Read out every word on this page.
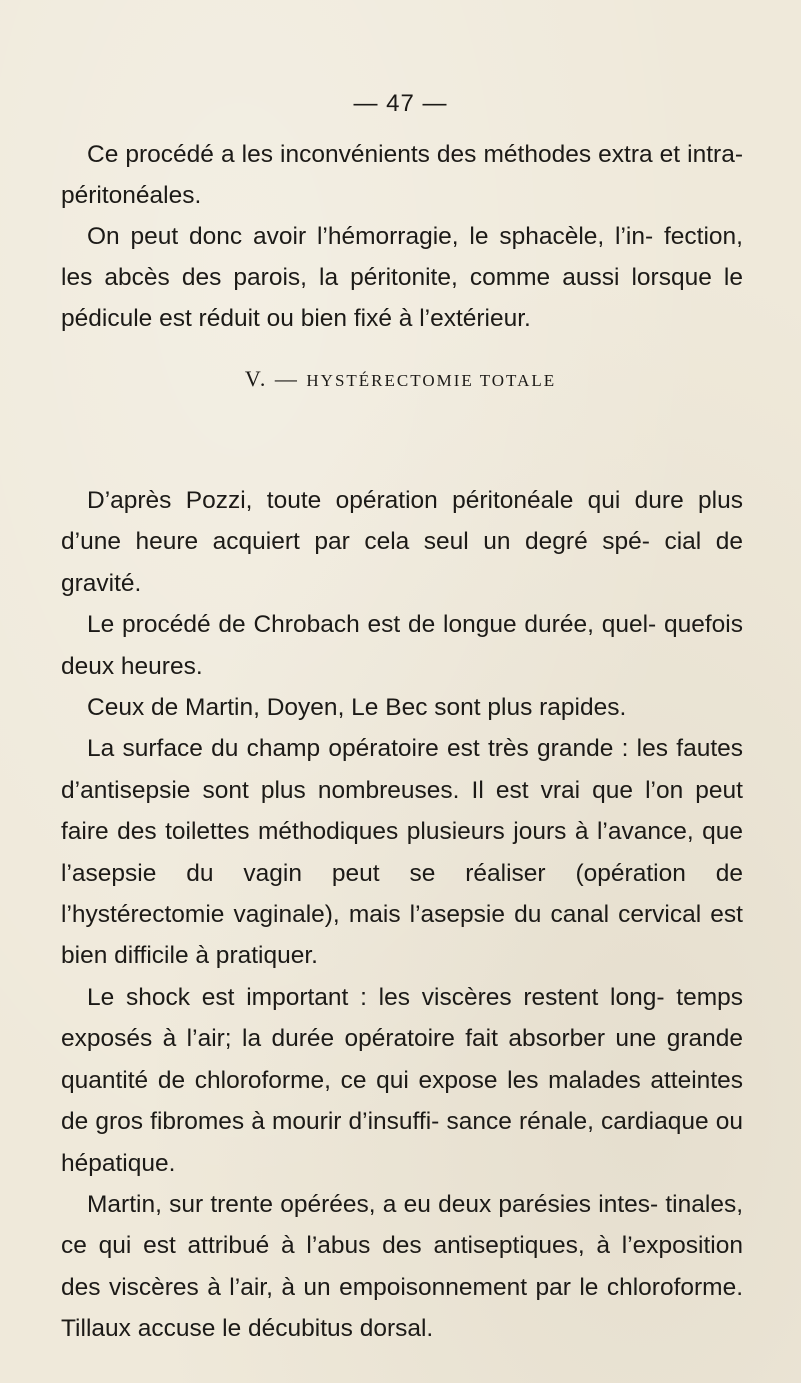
— 47 —

Ce procédé a les inconvénients des méthodes extra et intra-péritonéales.

On peut donc avoir l’hémorragie, le sphacèle, l’in- fection, les abcès des parois, la péritonite, comme aussi lorsque le pédicule est réduit ou bien fixé à l’extérieur.

V. — HYSTÉRECTOMIE TOTALE

D’après Pozzi, toute opération péritonéale qui dure plus d’une heure acquiert par cela seul un degré spé- cial de gravité.

Le procédé de Chrobach est de longue durée, quel- quefois deux heures.

Ceux de Martin, Doyen, Le Bec sont plus rapides.

La surface du champ opératoire est très grande : les fautes d’antisepsie sont plus nombreuses. Il est vrai que l’on peut faire des toilettes méthodiques plusieurs jours à l’avance, que l’asepsie du vagin peut se réaliser (opération de l’hystérectomie vaginale), mais l’asepsie du canal cervical est bien difficile à pratiquer.

Le shock est important : les viscères restent long- temps exposés à l’air; la durée opératoire fait absorber une grande quantité de chloroforme, ce qui expose les malades atteintes de gros fibromes à mourir d’insuffi- sance rénale, cardiaque ou hépatique.

Martin, sur trente opérées, a eu deux parésies intes- tinales, ce qui est attribué à l’abus des antiseptiques, à l’exposition des viscères à l’air, à un empoisonnement par le chloroforme. Tillaux accuse le décubitus dorsal.
